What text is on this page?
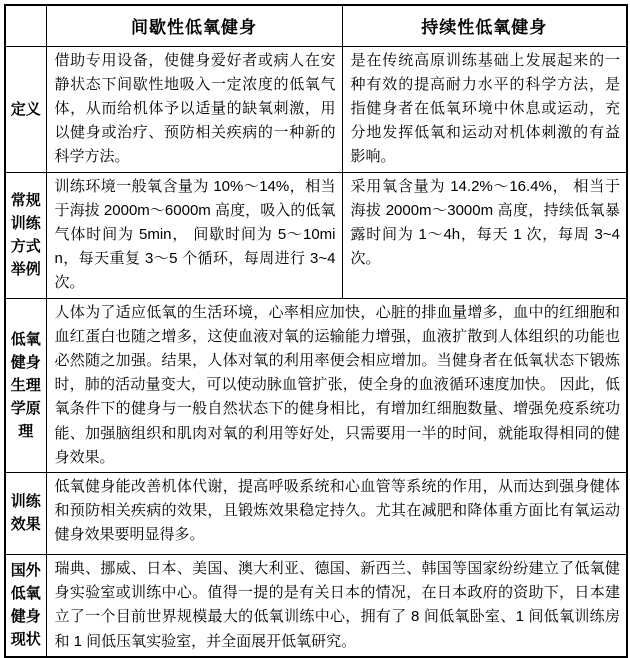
	间歇性低氧健身	持续性低氧健身
定义	借助专用设备，使健身爱好者或病人在安静状态下间歇性地吸入一定浓度的低氧气体，从而给机体予以适量的缺氧刺激，用以健身或治疗、预防相关疾病的一种新的科学方法。	是在传统高原训练基础上发展起来的一种有效的提高耐力水平的科学方法，是指健身者在低氧环境中休息或运动，充分地发挥低氧和运动对机体刺激的有益影响。
常规训练方式举例	训练环境一般氧含量为 10%～14%，相当于海拔 2000m～6000m 高度，吸入的低氧气体时间为 5min， 间歇时间为 5～10min，每天重复 3～5 个循环，每周进行 3~4 次。	采用氧含量为 14.2%～16.4%， 相当于海拔 2000m～3000m 高度，持续低氧暴露时间为 1～4h，每天 1 次，每周 3~4 次。
低氧健身生理学原理	人体为了适应低氧的生活环境，心率相应加快，心脏的排血量增多，血中的红细胞和血红蛋白也随之增多，这使血液对氧的运输能力增强，血液扩散到人体组织的功能也必然随之加强。结果，人体对氧的利用率便会相应增加。当健身者在低氧状态下锻炼时，肺的活动量变大，可以使动脉血管扩张，使全身的血液循环速度加快。 因此，低氧条件下的健身与一般自然状态下的健身相比，有增加红细胞数量、增强免疫系统功能、加强脑组织和肌肉对氧的利用等好处，只需要用一半的时间，就能取得相同的健身效果。	
训练效果	低氧健身能改善机体代谢，提高呼吸系统和心血管等系统的作用，从而达到强身健体和预防相关疾病的效果，且锻炼效果稳定持久。尤其在减肥和降体重方面比有氧运动健身效果要明显得多。	
国外低氧健身现状	瑞典、挪威、日本、美国、澳大利亚、德国、新西兰、韩国等国家纷纷建立了低氧健身实验室或训练中心。值得一提的是有关日本的情况，在日本政府的资助下，日本建立了一个目前世界规模最大的低氧训练中心，拥有了 8 间低氧卧室、1 间低氧训练房和 1 间低压氧实验室，并全面展开低氧研究。	
